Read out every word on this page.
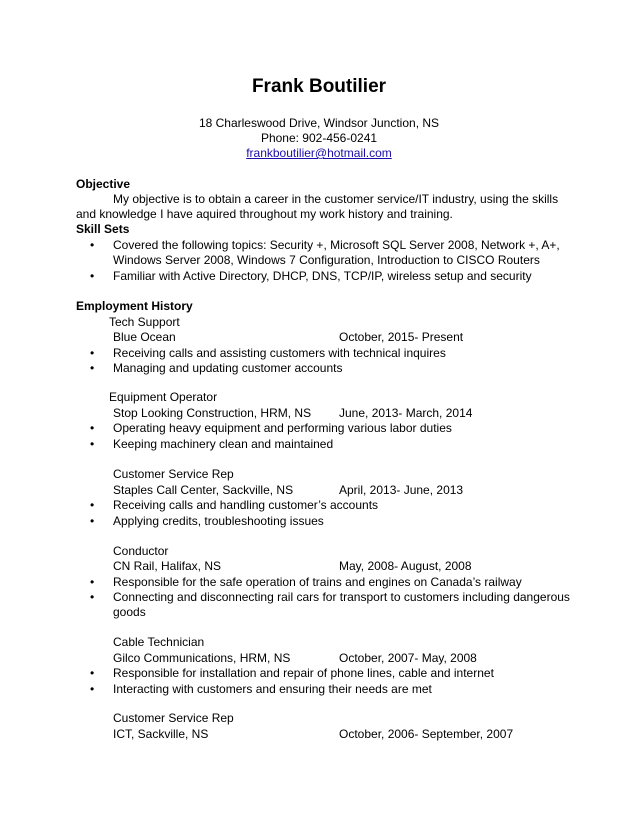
Frank Boutilier
18 Charleswood Drive, Windsor Junction, NS
Phone: 902-456-0241
frankboutilier@hotmail.com
Objective
My objective is to obtain a career in the customer service/IT industry, using the skills
and knowledge I have aquired throughout my work history and training.
Skill Sets
• Covered the following topics: Security +, Microsoft SQL Server 2008, Network +, A+,
Windows Server 2008, Windows 7 Configuration, Introduction to CISCO Routers
• Familiar with Active Directory, DHCP, DNS, TCP/IP, wireless setup and security
Employment History
Tech Support
Blue Ocean	October, 2015- Present
• Receiving calls and assisting customers with technical inquires
• Managing and updating customer accounts
Equipment Operator
Stop Looking Construction, HRM, NS June, 2013- March, 2014
• Operating heavy equipment and performing various labor duties
• Keeping machinery clean and maintained
Customer Service Rep
Staples Call Center, Sackville, NS	April, 2013- June, 2013
• Receiving calls and handling customer’s accounts
• Applying credits, troubleshooting issues
Conductor
CN Rail, Halifax, NS	May, 2008- August, 2008
• Responsible for the safe operation of trains and engines on Canada’s railway
• Connecting and disconnecting rail cars for transport to customers including dangerous
goods
Cable Technician
Gilco Communications, HRM, NS	October, 2007- May, 2008
• Responsible for installation and repair of phone lines, cable and internet
• Interacting with customers and ensuring their needs are met
Customer Service Rep
ICT, Sackville, NS	October, 2006- September, 2007
